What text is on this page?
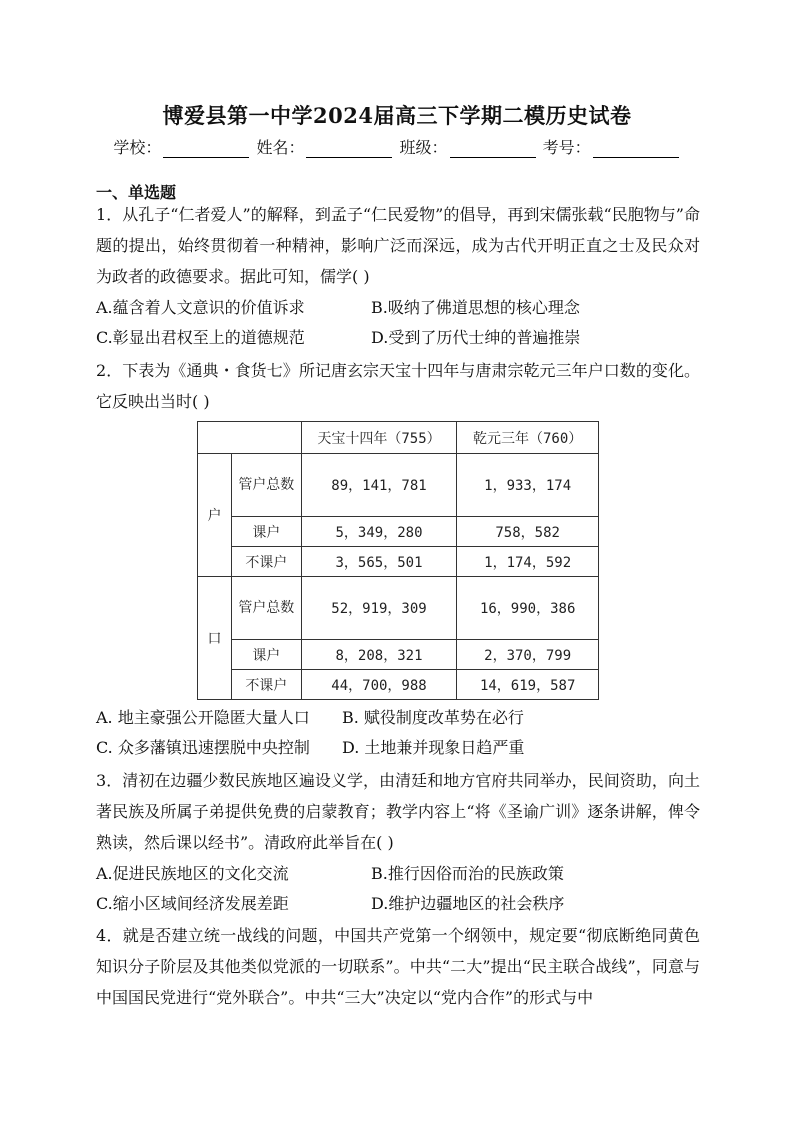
博爱县第一中学2024届高三下学期二模历史试卷
学校：	姓名：	班级：	考号：
一、单选题
1．从孔子“仁者爱人”的解释，到孟子“仁民爱物”的倡导，再到宋儒张载“民胞物与”命题的提出，始终贯彻着一种精神，影响广泛而深远，成为古代开明正直之士及民众对为政者的政德要求。据此可知，儒学( )
A.蕴含着人文意识的价值诉求	B.吸纳了佛道思想的核心理念
C.彰显出君权至上的道德规范	D.受到了历代士绅的普遍推崇
2．下表为《通典・食货七》所记唐玄宗天宝十四年与唐肃宗乾元三年户口数的变化。它反映出当时( )
		天宝十四年（755）	乾元三年（760）
户	管户总数	89，141，781	1，933，174
	课户	5，349，280	758，582
	不课户	3，565，501	1，174，592
口	管户总数	52，919，309	16，990，386
	课户	8，208，321	2，370，799
	不课户	44，700，988	14，619，587
A. 地主豪强公开隐匿大量人口 B. 赋役制度改革势在必行
C. 众多藩镇迅速摆脱中央控制 D. 土地兼并现象日趋严重
3．清初在边疆少数民族地区遍设义学，由清廷和地方官府共同举办，民间资助，向土著民族及所属子弟提供免费的启蒙教育；教学内容上“将《圣谕广训》逐条讲解，俾令熟读，然后课以经书”。清政府此举旨在( )
A.促进民族地区的文化交流	B.推行因俗而治的民族政策
C.缩小区域间经济发展差距	D.维护边疆地区的社会秩序
4．就是否建立统一战线的问题，中国共产党第一个纲领中，规定要“彻底断绝同黄色知识分子阶层及其他类似党派的一切联系”。中共“二大”提出“民主联合战线”，同意与中国国民党进行“党外联合”。中共“三大”决定以“党内合作”的形式与中
